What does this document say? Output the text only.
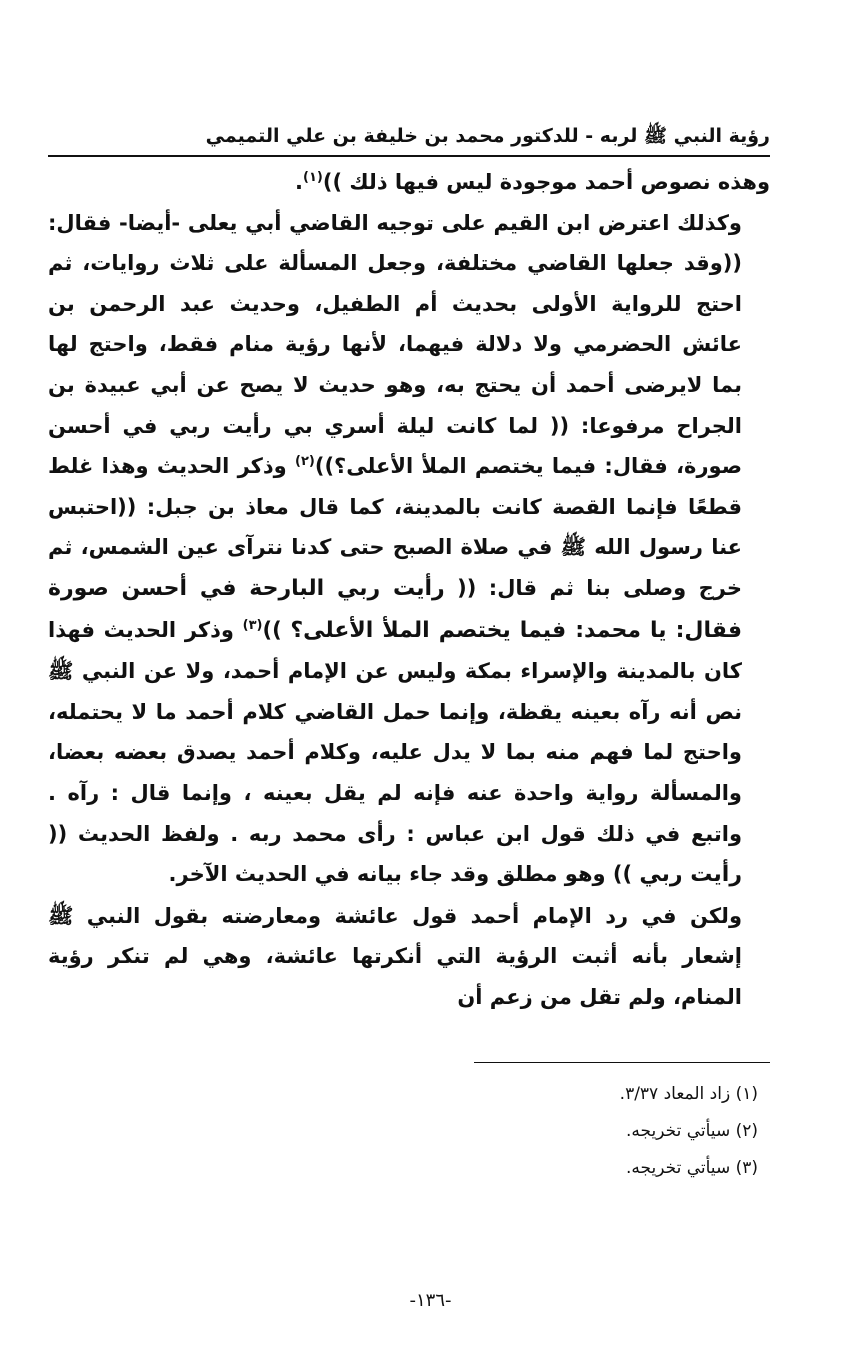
رؤية النبي ﷺ لربه - للدكتور محمد بن خليفة بن علي التميمي

وهذه نصوص أحمد موجودة ليس فيها ذلك ))$^{(١)}$.

وكذلك اعترض ابن القيم على توجيه القاضي أبي يعلى -أيضا- فقال: ((وقد جعلها القاضي مختلفة، وجعل المسألة على ثلاث روايات، ثم احتج للرواية الأولى بحديث أم الطفيل، وحديث عبد الرحمن بن عائش الحضرمي ولا دلالة فيهما، لأنها رؤية منام فقط، واحتج لها بما لايرضى أحمد أن يحتج به، وهو حديث لا يصح عن أبي عبيدة بن الجراح مرفوعا: (( لما كانت ليلة أسري بي رأيت ربي في أحسن صورة، فقال: فيما يختصم الملأ الأعلى؟))$^{(٢)}$ وذكر الحديث وهذا غلط قطعًا فإنما القصة كانت بالمدينة، كما قال معاذ بن جبل: ((احتبس عنا رسول الله ﷺ في صلاة الصبح حتى كدنا نترآى عين الشمس، ثم خرج وصلى بنا ثم قال: (( رأيت ربي البارحة في أحسن صورة فقال: يا محمد: فيما يختصم الملأ الأعلى؟ ))$^{(٣)}$ وذكر الحديث فهذا كان بالمدينة والإسراء بمكة وليس عن الإمام أحمد، ولا عن النبي ﷺ نص أنه رآه بعينه يقظة، وإنما حمل القاضي كلام أحمد ما لا يحتمله، واحتج لما فهم منه بما لا يدل عليه، وكلام أحمد يصدق بعضه بعضا، والمسألة رواية واحدة عنه فإنه لم يقل بعينه ، وإنما قال : رآه . واتبع في ذلك قول ابن عباس : رأى محمد ربه . ولفظ الحديث (( رأيت ربي )) وهو مطلق وقد جاء بيانه في الحديث الآخر.

ولكن في رد الإمام أحمد قول عائشة ومعارضته بقول النبي ﷺ إشعار بأنه أثبت الرؤية التي أنكرتها عائشة، وهي لم تنكر رؤية المنام، ولم تقل من زعم أن

(١) زاد المعاد ٣/٣٧.
(٢) سيأتي تخريجه.
(٣) سيأتي تخريجه.
-١٣٦-
